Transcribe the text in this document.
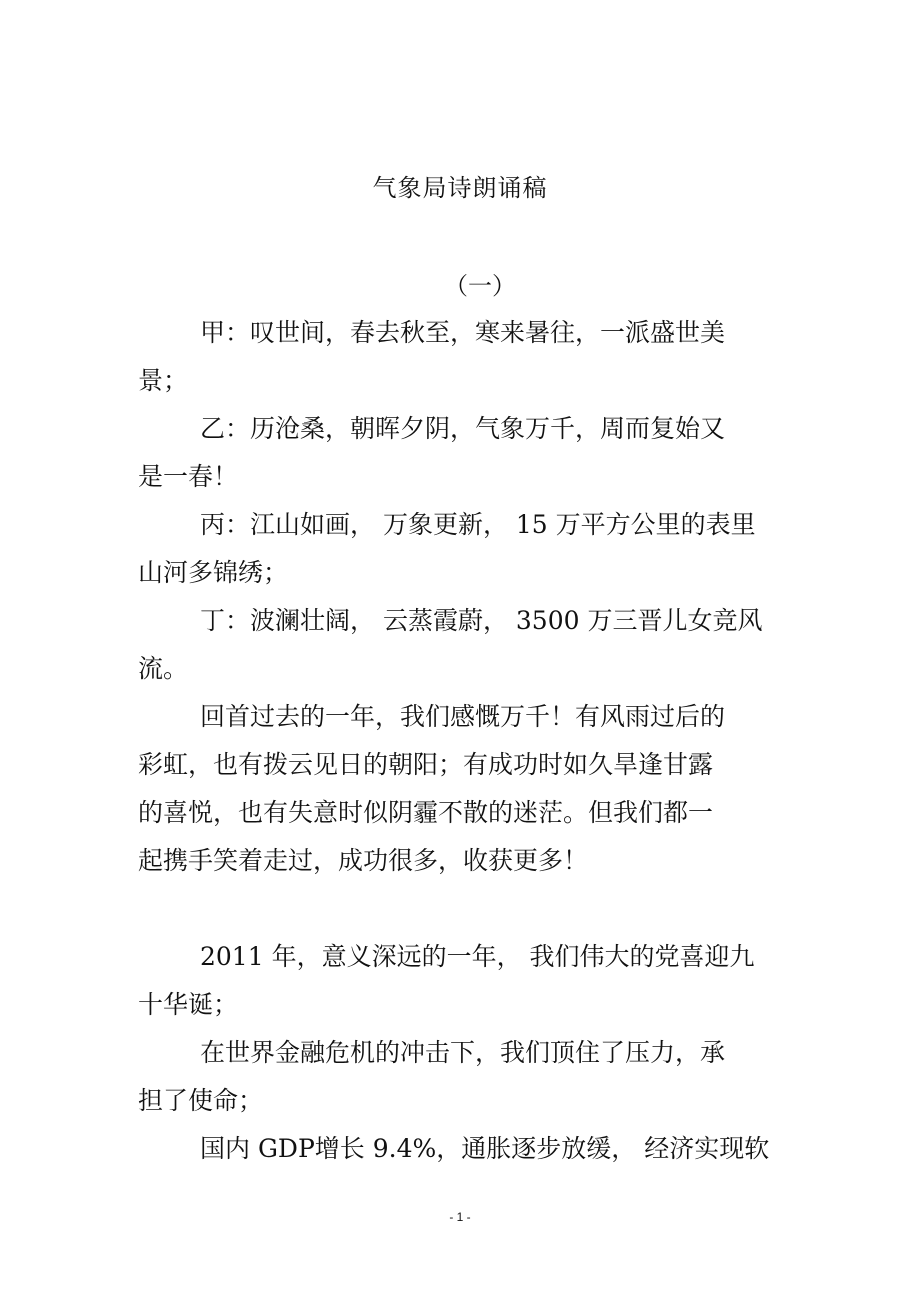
气象局诗朗诵稿
（一）
甲：叹世间，春去秋至，寒来暑往，一派盛世美
景；
乙：历沧桑，朝晖夕阴，气象万千，周而复始又
是一春！
丙：江山如画， 万象更新， 15 万平方公里的表里
山河多锦绣；
丁：波澜壮阔， 云蒸霞蔚， 3500 万三晋儿女竞风
流。
回首过去的一年，我们感慨万千！有风雨过后的
彩虹，也有拨云见日的朝阳；有成功时如久旱逢甘露
的喜悦，也有失意时似阴霾不散的迷茫。但我们都一
起携手笑着走过，成功很多，收获更多！
2011 年，意义深远的一年， 我们伟大的党喜迎九
十华诞；
在世界金融危机的冲击下，我们顶住了压力，承
担了使命；
国内 GDP增长 9.4%，通胀逐步放缓， 经济实现软
- 1 -
